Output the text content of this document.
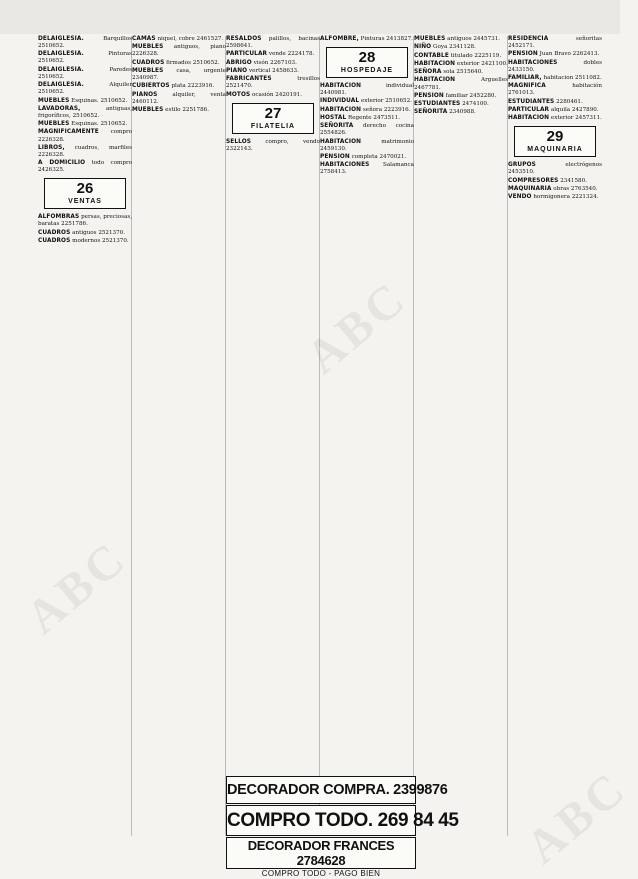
DELAIGLESIA.	Barquillos 2510652.

DELAIGLESIA.	Pinturas 2510652.

DELAIGLESIA.	Paredes 2510652.

DELAIGLESIA.	Alquiler 2510652.

MUEBLES Esquinas. 2510652.

LAVADORAS,	antiguas, frigoríficos, 2510652.

MUEBLES Esquinas. 2510652.

MAGNIFICAMENTE compro 2226328.

LIBROS, cuadros, marfiles 2226328.

A DOMICILIO todo compro 2426325.

26
VENTAS

ALFOMBRAS persas, preciosas, baratas 2251786.

CUADROS antiguos 2521370.

CUADROS modernos 2521370.

CAMAS niquel, cobre 2461527.

MUEBLES antiguos, piano 2226328.

CUADROS firmados 2510652.

MUEBLES casa, urgente 2340987.

CUBIERTOS plata 2223916.

PIANOS	alquiler, venta 2460112.

MUEBLES estilo 2251786.

RESALDOS palillos, bacinas 2598641.

PARTICULAR vende 2224178.

ABRIGO visón 2267103.

PIANO vertical 2458633.

FABRICANTES	tresillos 2521470.

MOTOS ocasión 2420191.

27
FILATELIA

SELLOS	compro, vendo 2322143.

ALFOMBRE, Pinturas 2413827.

28
HOSPEDAJE

HABITACION	individual 2440981.

INDIVIDUAL exterior 2510652.

HABITACION señora 2223916.

HOSTAL Regente 2473511.

SEÑORITA derecho cocina 2554826.

HABITACION	matrimonio 2459130.

PENSION completa 2470021.

HABITACIONES Salamanca 2758413.

MUEBLES antiguos 2445731.

NIÑO Goya 2341128.

CONTABLE titulado 2225119.

HABITACION exterior 2421100.

SEÑORA sola 2515640.

HABITACION	Arguelles 2467781.

PENSION familiar 2452280.

ESTUDIANTES 2474100.

SEÑORITA 2340988.

RESIDENCIA	señoritas 2452171.

PENSION Juan Bravo 2262413.

HABITACIONES	dobles 2433150.

FAMILIAR, habitacion 2511082.

MAGNIFICA	habitación 2761013.

ESTUDIANTES 2280461.

PARTICULAR alquila 2427890.

HABITACION exterior 2457311.

29
MAQUINARIA

GRUPOS	electrógenos 2453510.

COMPRESORES 2341580.

MAQUINARIA obras 2763540.

VENDO hormigonera 2221324.

DECORADOR COMPRA. 2399876
COMPRO TODO. 269 84 45
DECORADOR FRANCES 2784628
COMPRO TODO - PAGO BIEN
ABC
ABC
ABC
